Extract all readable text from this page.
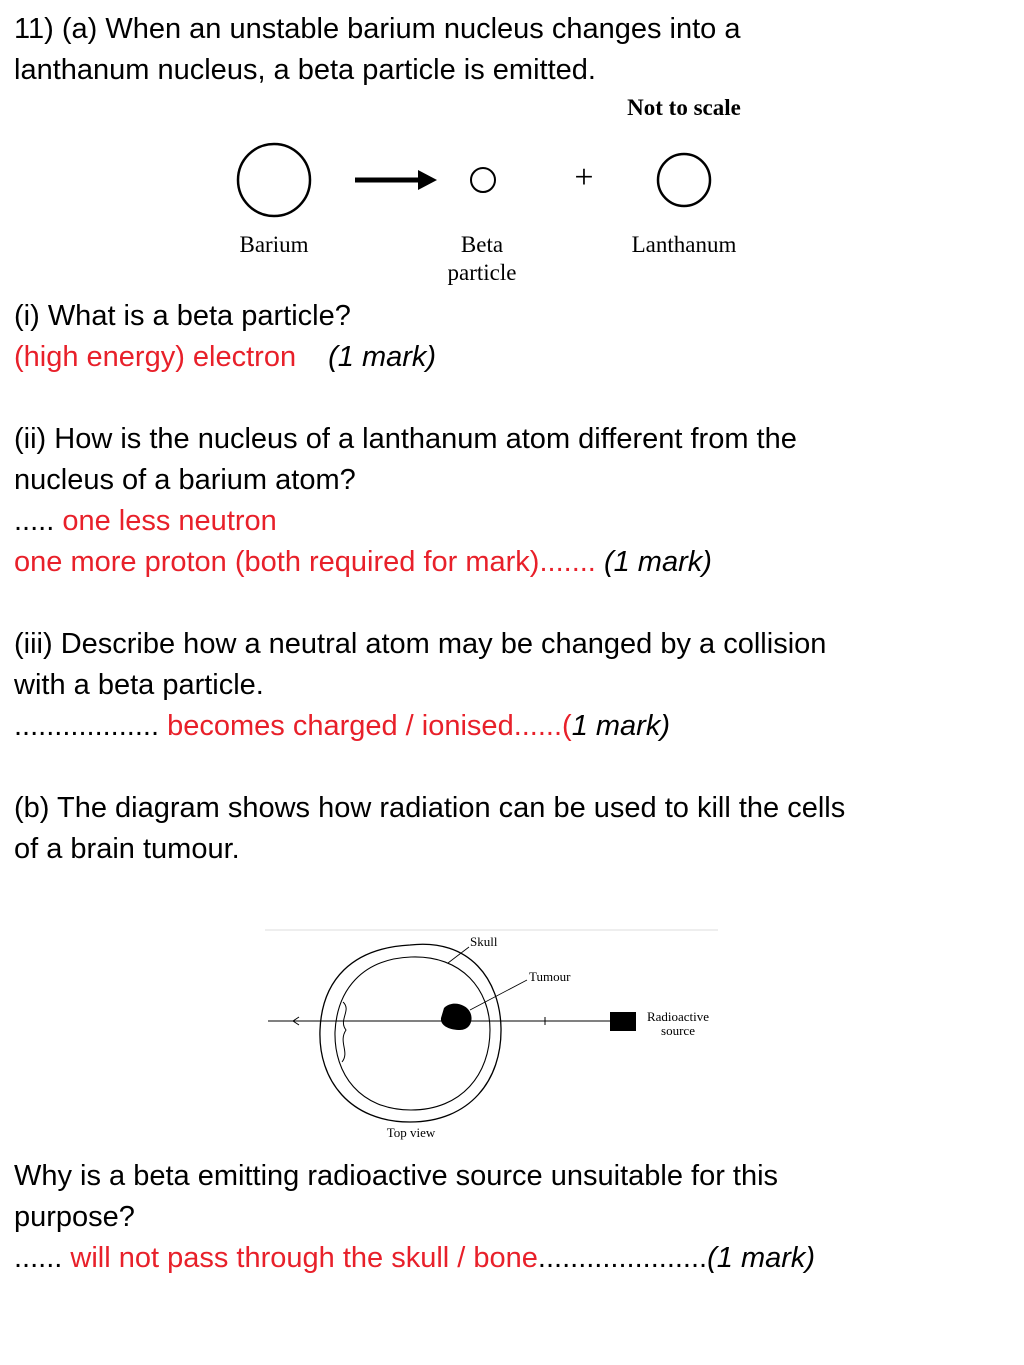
11) (a) When an unstable barium nucleus changes into a

lanthanum nucleus, a beta particle is emitted.

Not to scale
+
Barium	Beta
particle
Lanthanum

(i) What is a beta particle?

(high energy) electron (1 mark)

(ii) How is the nucleus of a lanthanum atom different from the

nucleus of a barium atom?

..... one less neutron

one more proton (both required for mark)....... (1 mark)

(iii) Describe how a neutral atom may be changed by a collision

with a beta particle.

.................. becomes charged / ionised......(1 mark)

(b) The diagram shows how radiation can be used to kill the cells

of a brain tumour.

Skull
Tumour
Radioactive
source
Top view

Why is a beta emitting radioactive source unsuitable for this

purpose?

...... will not pass through the skull / bone.....................(1 mark)
